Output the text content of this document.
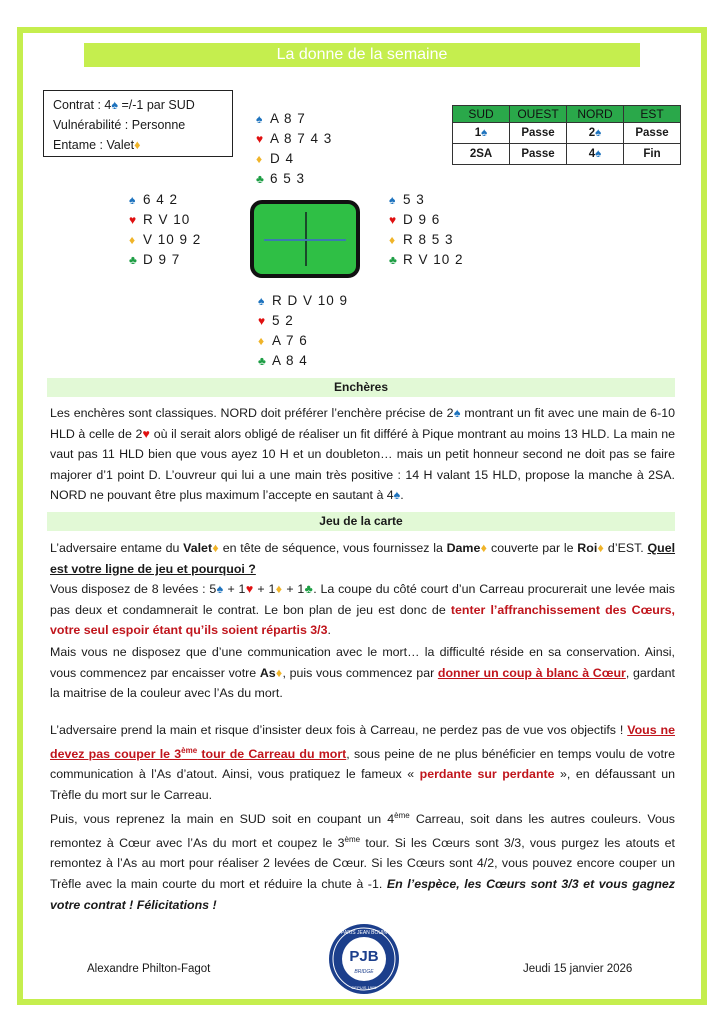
La donne de la semaine
Contrat : 4♠ =/-1 par SUD
Vulnérabilité : Personne
Entame : Valet♦
♠ A 8 7
♥ A 8 7 4 3
♦ D 4
♣ 6 5 3
♠ 6 4 2
♥ R V 10
♦ V 10 9 2
♣ D 9 7
♠ 5 3
♥ D 9 6
♦ R 8 5 3
♣ R V 10 2
♠ R D V 10 9
♥ 5 2
♦ A 7 6
♣ A 8 4
SUD	OUEST	NORD	EST
1♠	Passe	2♠	Passe
2SA	Passe	4♠	Fin
Enchères
Les enchères sont classiques. NORD doit préférer l’enchère précise de 2♠ montrant un fit avec une main de 6-10 HLD à celle de 2♥ où il serait alors obligé de réaliser un fit différé à Pique montrant au moins 13 HLD. La main ne vaut pas 11 HLD bien que vous ayez 10 H et un doubleton… mais un petit honneur second ne doit pas se faire majorer d’1 point D. L’ouvreur qui lui a une main très positive : 14 H valant 15 HLD, propose la manche à 2SA. NORD ne pouvant être plus maximum l’accepte en sautant à 4♠.
Jeu de la carte
L’adversaire entame du Valet♦ en tête de séquence, vous fournissez la Dame♦ couverte par le Roi♦ d’EST. Quel est votre ligne de jeu et pourquoi ?
Vous disposez de 8 levées : 5♠ + 1♥ + 1♦ + 1♣. La coupe du côté court d’un Carreau procurerait une levée mais pas deux et condamnerait le contrat. Le bon plan de jeu est donc de tenter l’affranchissement des Cœurs, votre seul espoir étant qu’ils soient répartis 3/3.
Mais vous ne disposez que d’une communication avec le mort… la difficulté réside en sa conservation. Ainsi, vous commencez par encaisser votre As♦, puis vous commencez par donner un coup à blanc à Cœur, gardant la maitrise de la couleur avec l’As du mort.
L’adversaire prend la main et risque d’insister deux fois à Carreau, ne perdez pas de vue vos objectifs ! Vous ne devez pas couper le 3ème tour de Carreau du mort, sous peine de ne plus bénéficier en temps voulu de votre communication à l’As d’atout. Ainsi, vous pratiquez le fameux « perdante sur perdante », en défaussant un Trèfle du mort sur le Carreau.
Puis, vous reprenez la main en SUD soit en coupant un 4ème Carreau, soit dans les autres couleurs. Vous remontez à Cœur avec l’As du mort et coupez le 3ème tour. Si les Cœurs sont 3/3, vous purgez les atouts et remontez à l’As au mort pour réaliser 2 levées de Cœur. Si les Cœurs sont 4/2, vous pouvez encore couper un Trèfle avec la main courte du mort et réduire la chute à -1. En l’espèce, les Cœurs sont 3/3 et vous gagnez votre contrat ! Félicitations !
Alexandre Philton-Fagot
PJB
BRIDGE
PARIS JEAN BOUIN
DEPUIS 1905
Jeudi 15 janvier 2026
